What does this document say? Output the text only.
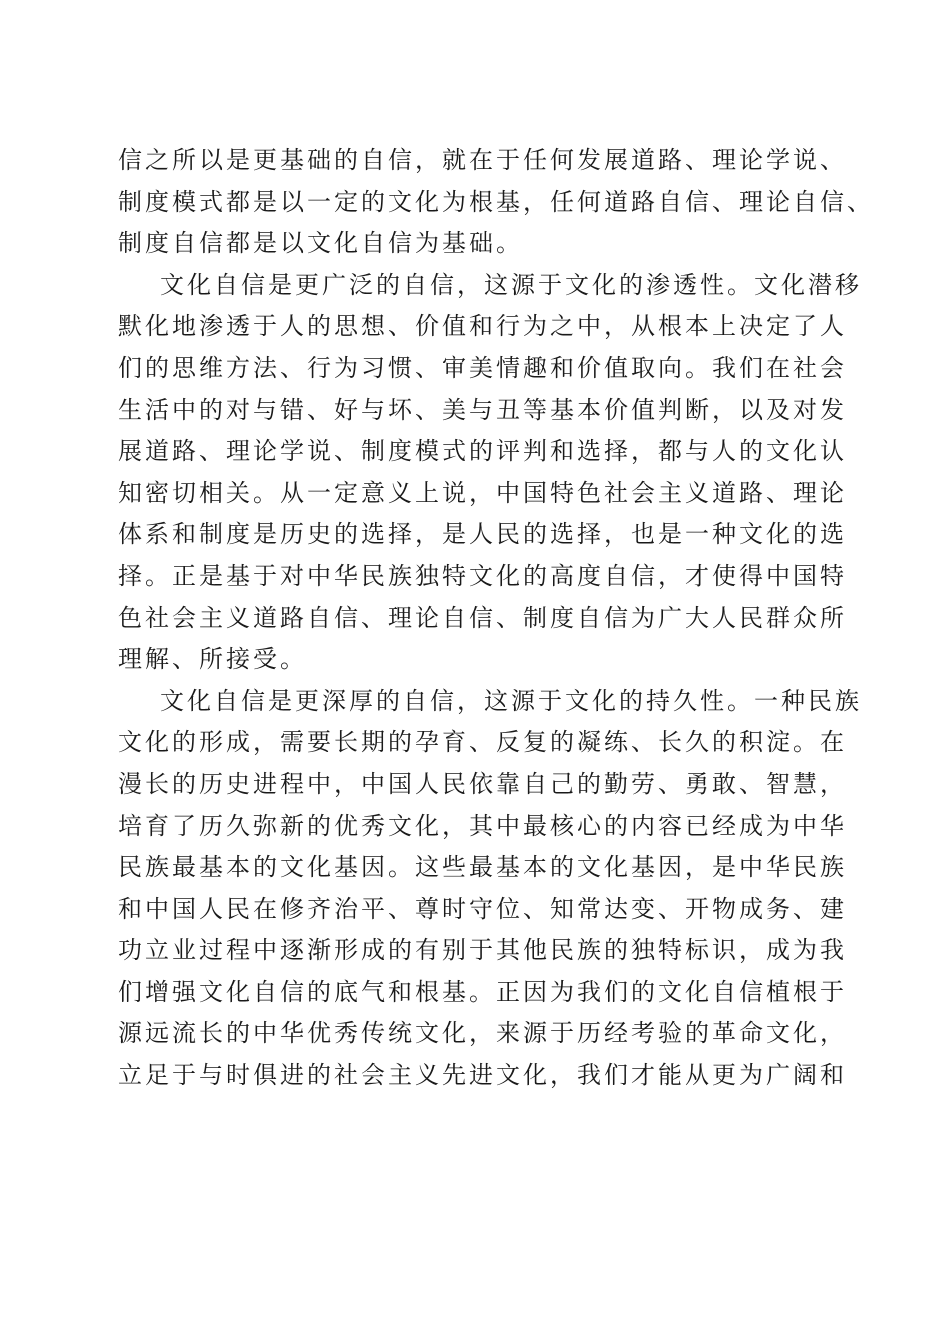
信之所以是更基础的自信，就在于任何发展道路、理论学说、
制度模式都是以一定的文化为根基，任何道路自信、理论自信、
制度自信都是以文化自信为基础。
文化自信是更广泛的自信，这源于文化的渗透性。文化潜移
默化地渗透于人的思想、价值和行为之中，从根本上决定了人
们的思维方法、行为习惯、审美情趣和价值取向。我们在社会
生活中的对与错、好与坏、美与丑等基本价值判断，以及对发
展道路、理论学说、制度模式的评判和选择，都与人的文化认
知密切相关。从一定意义上说，中国特色社会主义道路、理论
体系和制度是历史的选择，是人民的选择，也是一种文化的选
择。正是基于对中华民族独特文化的高度自信，才使得中国特
色社会主义道路自信、理论自信、制度自信为广大人民群众所
理解、所接受。
文化自信是更深厚的自信，这源于文化的持久性。一种民族
文化的形成，需要长期的孕育、反复的凝练、长久的积淀。在
漫长的历史进程中，中国人民依靠自己的勤劳、勇敢、智慧，
培育了历久弥新的优秀文化，其中最核心的内容已经成为中华
民族最基本的文化基因。这些最基本的文化基因，是中华民族
和中国人民在修齐治平、尊时守位、知常达变、开物成务、建
功立业过程中逐渐形成的有别于其他民族的独特标识，成为我
们增强文化自信的底气和根基。正因为我们的文化自信植根于
源远流长的中华优秀传统文化，来源于历经考验的革命文化，
立足于与时俱进的社会主义先进文化，我们才能从更为广阔和
